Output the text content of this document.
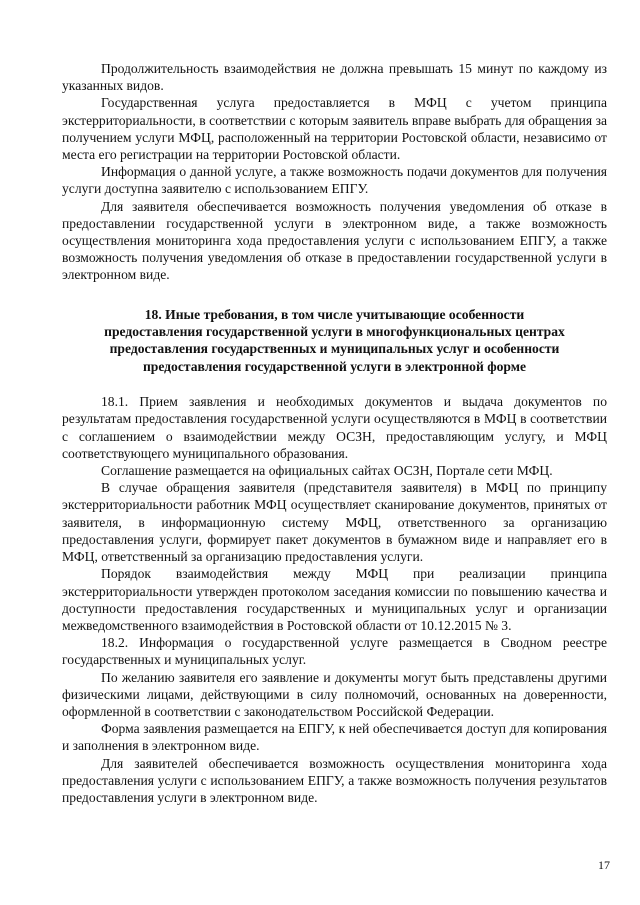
Продолжительность взаимодействия не должна превышать 15 минут по каждому из указанных видов.

Государственная услуга предоставляется в МФЦ с учетом принципа экстерриториальности, в соответствии с которым заявитель вправе выбрать для обращения за получением услуги МФЦ, расположенный на территории Ростовской области, независимо от места его регистрации на территории Ростовской области.

Информация о данной услуге, а также возможность подачи документов для получения услуги доступна заявителю с использованием ЕПГУ.

Для заявителя обеспечивается возможность получения уведомления об отказе в предоставлении государственной услуги в электронном виде, а также возможность осуществления мониторинга хода предоставления услуги с использованием ЕПГУ, а также возможность получения уведомления об отказе в предоставлении государственной услуги в электронном виде.

18. Иные требования, в том числе учитывающие особенности
предоставления государственной услуги в многофункциональных центрах
предоставления государственных и муниципальных услуг и особенности
предоставления государственной услуги в электронной форме

18.1. Прием заявления и необходимых документов и выдача документов по результатам предоставления государственной услуги осуществляются в МФЦ в соответствии с соглашением о взаимодействии между ОСЗН, предоставляющим услугу, и МФЦ соответствующего муниципального образования.

Соглашение размещается на официальных сайтах ОСЗН, Портале сети МФЦ.

В случае обращения заявителя (представителя заявителя) в МФЦ по принципу экстерриториальности работник МФЦ осуществляет сканирование документов, принятых от заявителя, в информационную систему МФЦ, ответственного за организацию предоставления услуги, формирует пакет документов в бумажном виде и направляет его в МФЦ, ответственный за организацию предоставления услуги.

Порядок взаимодействия между МФЦ при реализации принципа экстерриториальности утвержден протоколом заседания комиссии по повышению качества и доступности предоставления государственных и муниципальных услуг и организации межведомственного взаимодействия в Ростовской области от 10.12.2015 № 3.

18.2. Информация о государственной услуге размещается в Сводном реестре государственных и муниципальных услуг.

По желанию заявителя его заявление и документы могут быть представлены другими физическими лицами, действующими в силу полномочий, основанных на доверенности, оформленной в соответствии с законодательством Российской Федерации.

Форма заявления размещается на ЕПГУ, к ней обеспечивается доступ для копирования и заполнения в электронном виде.

Для заявителей обеспечивается возможность осуществления мониторинга хода предоставления услуги с использованием ЕПГУ, а также возможность получения результатов предоставления услуги в электронном виде.

17
